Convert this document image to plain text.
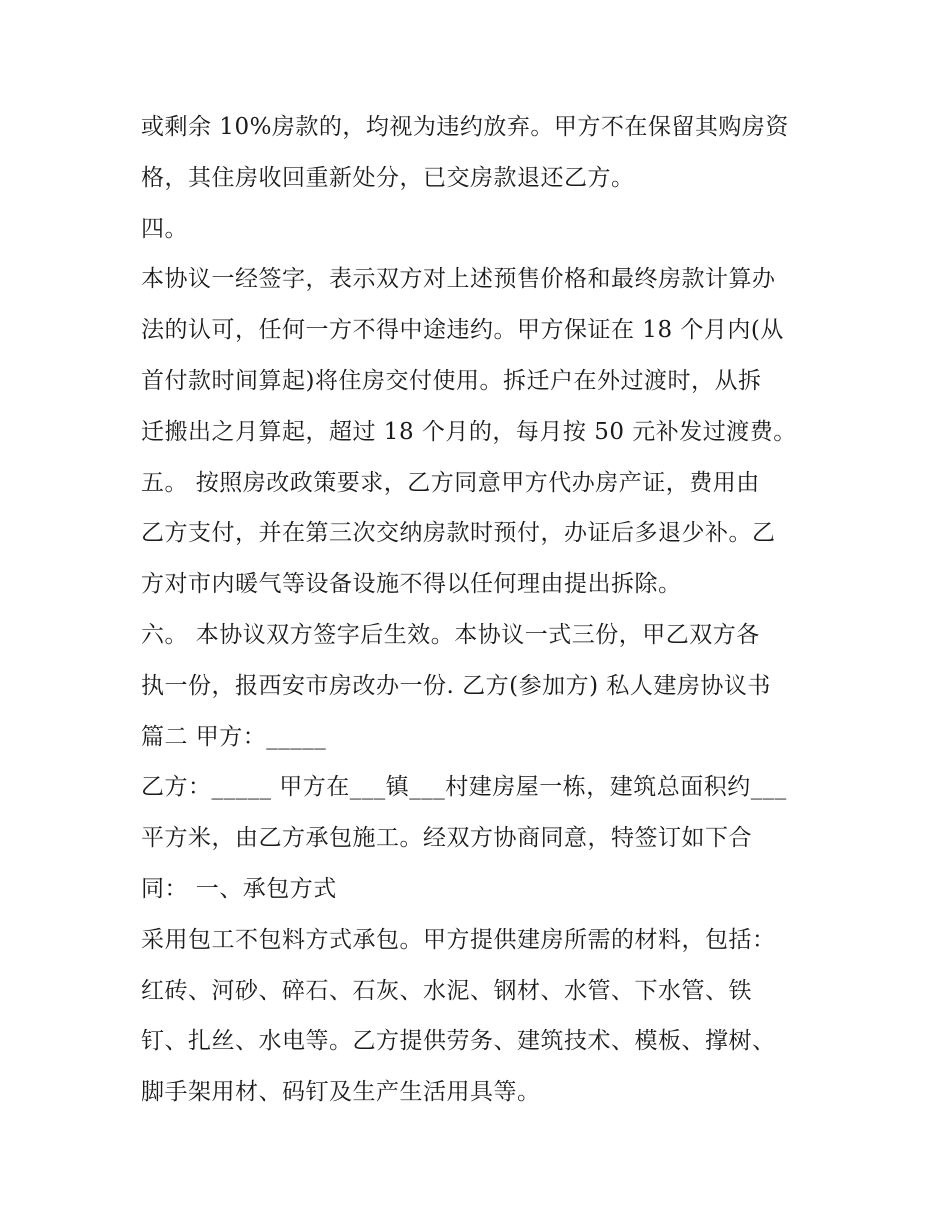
或剩余 10%房款的，均视为违约放弃。甲方不在保留其购房资
格，其住房收回重新处分，已交房款退还乙方。
四。
本协议一经签字，表示双方对上述预售价格和最终房款计算办
法的认可，任何一方不得中途违约。甲方保证在 18 个月内(从
首付款时间算起)将住房交付使用。拆迁户在外过渡时，从拆
迁搬出之月算起，超过 18 个月的，每月按 50 元补发过渡费。
五。 按照房改政策要求，乙方同意甲方代办房产证，费用由
乙方支付，并在第三次交纳房款时预付，办证后多退少补。乙
方对市内暖气等设备设施不得以任何理由提出拆除。
六。 本协议双方签字后生效。本协议一式三份，甲乙双方各
执一份，报西安市房改办一份. 乙方(参加方) 私人建房协议书
篇二 甲方：_____
乙方：_____ 甲方在___镇___村建房屋一栋，建筑总面积约___
平方米，由乙方承包施工。经双方协商同意，特签订如下合
同： 一、承包方式
采用包工不包料方式承包。甲方提供建房所需的材料，包括：
红砖、河砂、碎石、石灰、水泥、钢材、水管、下水管、铁
钉、扎丝、水电等。乙方提供劳务、建筑技术、模板、撑树、
脚手架用材、码钉及生产生活用具等。
